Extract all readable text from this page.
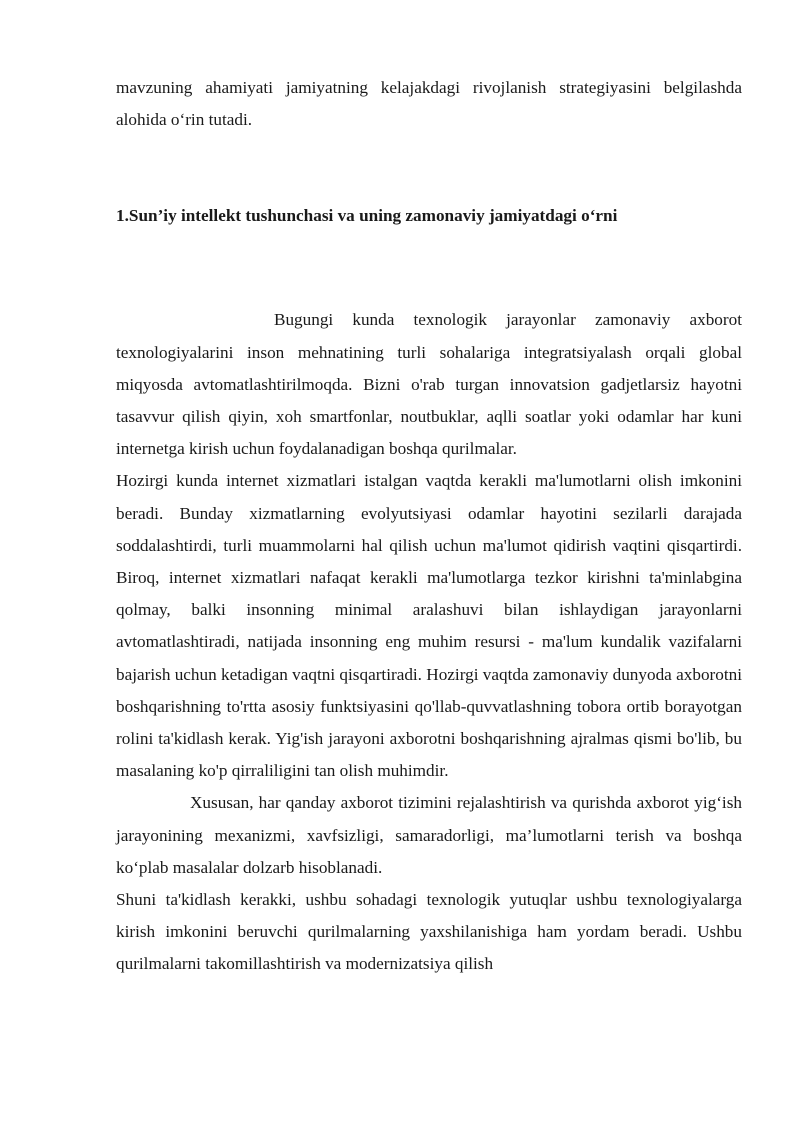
mavzuning ahamiyati jamiyatning kelajakdagi rivojlanish strategiyasini belgilashda alohida o‘rin tutadi.

1.Sun’iy intellekt tushunchasi va uning zamonaviy jamiyatdagi o‘rni

Bugungi kunda texnologik jarayonlar zamonaviy axborot texnologiyalarini inson mehnatining turli sohalariga integratsiyalash orqali global miqyosda avtomatlashtirilmoqda. Bizni o'rab turgan innovatsion gadjetlarsiz hayotni tasavvur qilish qiyin, xoh smartfonlar, noutbuklar, aqlli soatlar yoki odamlar har kuni internetga kirish uchun foydalanadigan boshqa qurilmalar.

Hozirgi kunda internet xizmatlari istalgan vaqtda kerakli ma'lumotlarni olish imkonini beradi. Bunday xizmatlarning evolyutsiyasi odamlar hayotini sezilarli darajada soddalashtirdi, turli muammolarni hal qilish uchun ma'lumot qidirish vaqtini qisqartirdi. Biroq, internet xizmatlari nafaqat kerakli ma'lumotlarga tezkor kirishni ta'minlabgina qolmay, balki insonning minimal aralashuvi bilan ishlaydigan jarayonlarni avtomatlashtiradi, natijada insonning eng muhim resursi - ma'lum kundalik vazifalarni bajarish uchun ketadigan vaqtni qisqartiradi. Hozirgi vaqtda zamonaviy dunyoda axborotni boshqarishning to'rtta asosiy funktsiyasini qo'llab-quvvatlashning tobora ortib borayotgan rolini ta'kidlash kerak. Yig'ish jarayoni axborotni boshqarishning ajralmas qismi bo'lib, bu masalaning ko'p qirraliligini tan olish muhimdir.

Xususan, har qanday axborot tizimini rejalashtirish va qurishda axborot yig‘ish jarayonining mexanizmi, xavfsizligi, samaradorligi, ma’lumotlarni terish va boshqa ko‘plab masalalar dolzarb hisoblanadi.

Shuni ta'kidlash kerakki, ushbu sohadagi texnologik yutuqlar ushbu texnologiyalarga kirish imkonini beruvchi qurilmalarning yaxshilanishiga ham yordam beradi. Ushbu qurilmalarni takomillashtirish va modernizatsiya qilish
